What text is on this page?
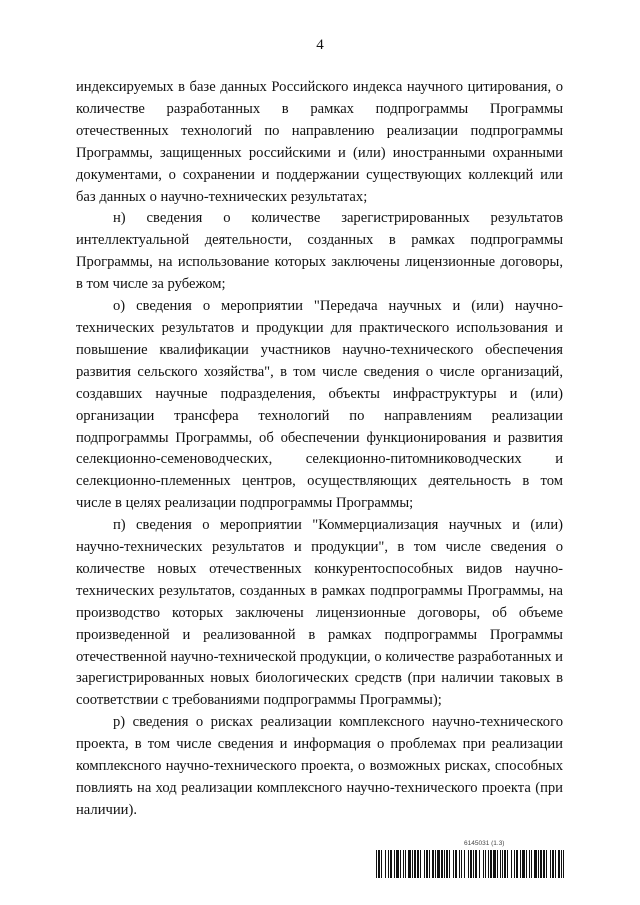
4

индексируемых в базе данных Российского индекса научного цитирования, о количестве разработанных в рамках подпрограммы Программы отечественных технологий по направлению реализации подпрограммы Программы, защищенных российскими и (или) иностранными охранными документами, о сохранении и поддержании существующих коллекций или баз данных о научно-технических результатах;

н) сведения о количестве зарегистрированных результатов интеллектуальной деятельности, созданных в рамках подпрограммы Программы, на использование которых заключены лицензионные договоры, в том числе за рубежом;

о) сведения о мероприятии "Передача научных и (или) научно-технических результатов и продукции для практического использования и повышение квалификации участников научно-технического обеспечения развития сельского хозяйства", в том числе сведения о числе организаций, создавших научные подразделения, объекты инфраструктуры и (или) организации трансфера технологий по направлениям реализации подпрограммы Программы, об обеспечении функционирования и развития селекционно-семеноводческих, селекционно-питомниководческих и селекционно-племенных центров, осуществляющих деятельность в том числе в целях реализации подпрограммы Программы;

п) сведения о мероприятии "Коммерциализация научных и (или) научно-технических результатов и продукции", в том числе сведения о количестве новых отечественных конкурентоспособных видов научно-технических результатов, созданных в рамках подпрограммы Программы, на производство которых заключены лицензионные договоры, об объеме произведенной и реализованной в рамках подпрограммы Программы отечественной научно-технической продукции, о количестве разработанных и зарегистрированных новых биологических средств (при наличии таковых в соответствии с требованиями подпрограммы Программы);

р) сведения о рисках реализации комплексного научно-технического проекта, в том числе сведения и информация о проблемах при реализации комплексного научно-технического проекта, о возможных рисках, способных повлиять на ход реализации комплексного научно-технического проекта (при наличии).

6145031 (1.3)
